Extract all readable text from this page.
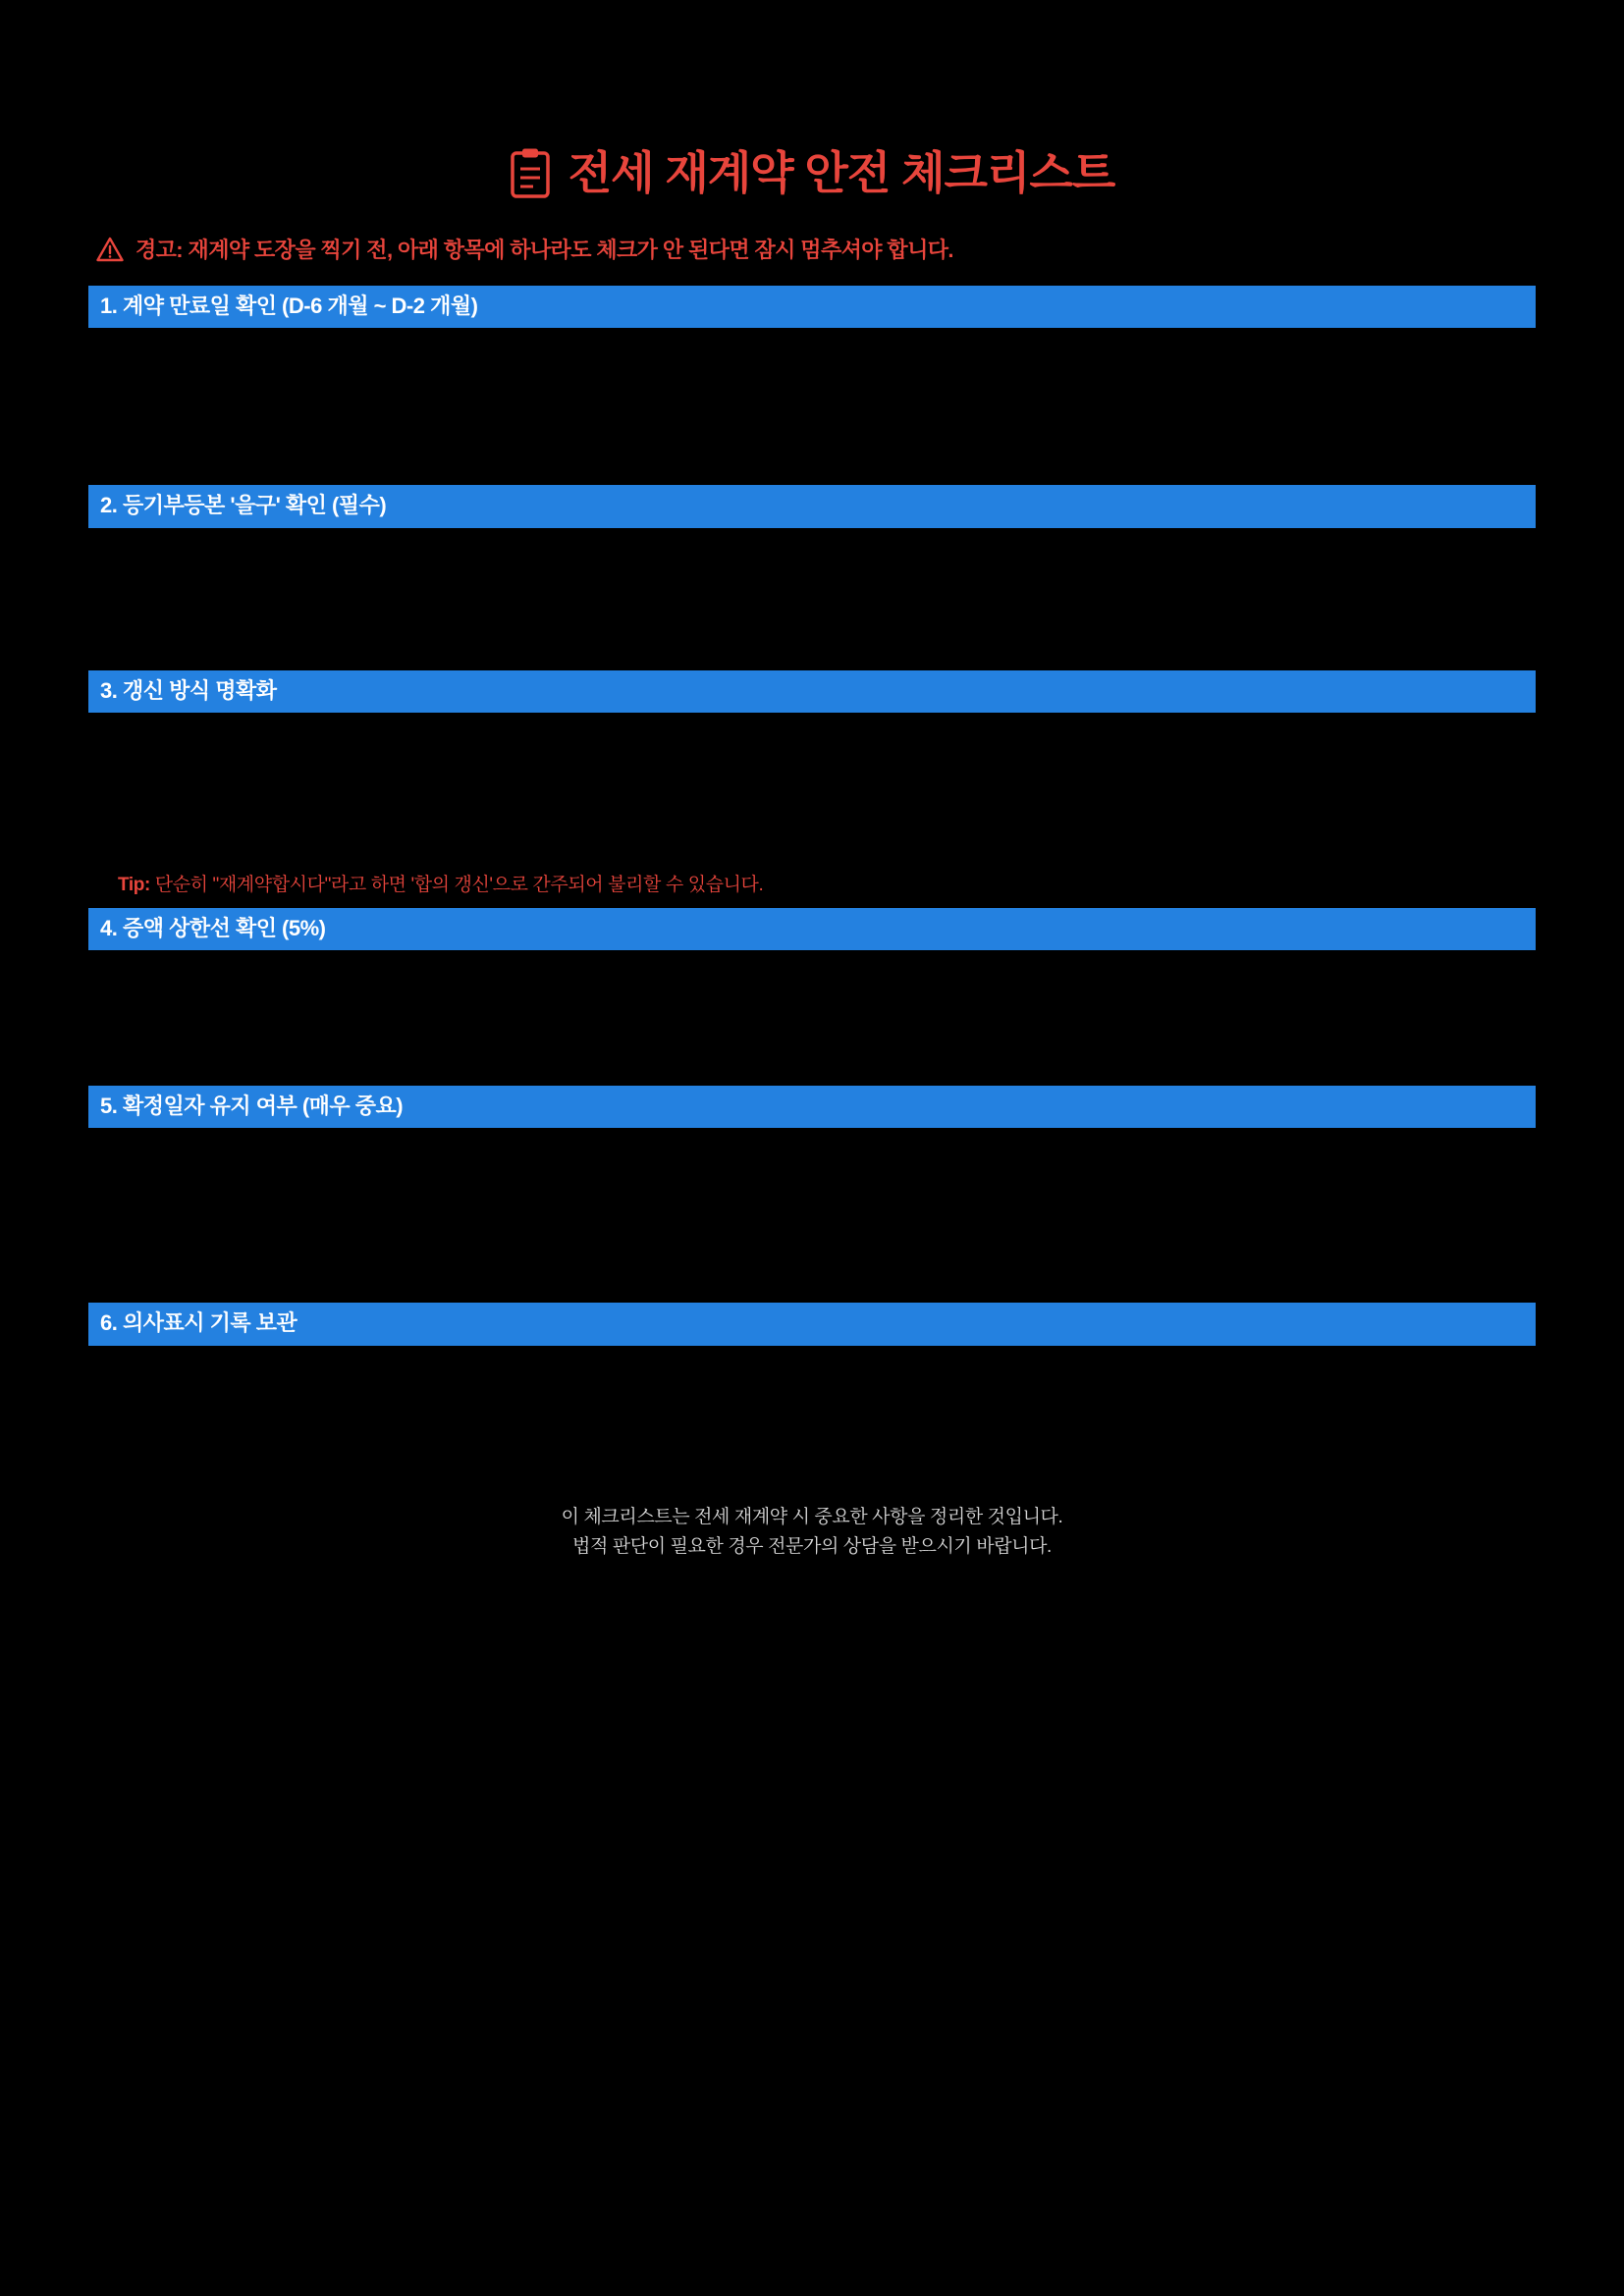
전세 재계약 안전 체크리스트
경고: 재계약 도장을 찍기 전, 아래 항목에 하나라도 체크가 안 된다면 잠시 멈추셔야 합니다.
1. 계약 만료일 확인 (D-6 개월 ~ D-2 개월)
2. 등기부등본 '을구' 확인 (필수)
3. 갱신 방식 명확화
Tip: 단순히 "재계약합시다"라고 하면 '합의 갱신'으로 간주되어 불리할 수 있습니다.
4. 증액 상한선 확인 (5%)
5. 확정일자 유지 여부 (매우 중요)
6. 의사표시 기록 보관
이 체크리스트는 전세 재계약 시 중요한 사항을 정리한 것입니다.
법적 판단이 필요한 경우 전문가의 상담을 받으시기 바랍니다.
